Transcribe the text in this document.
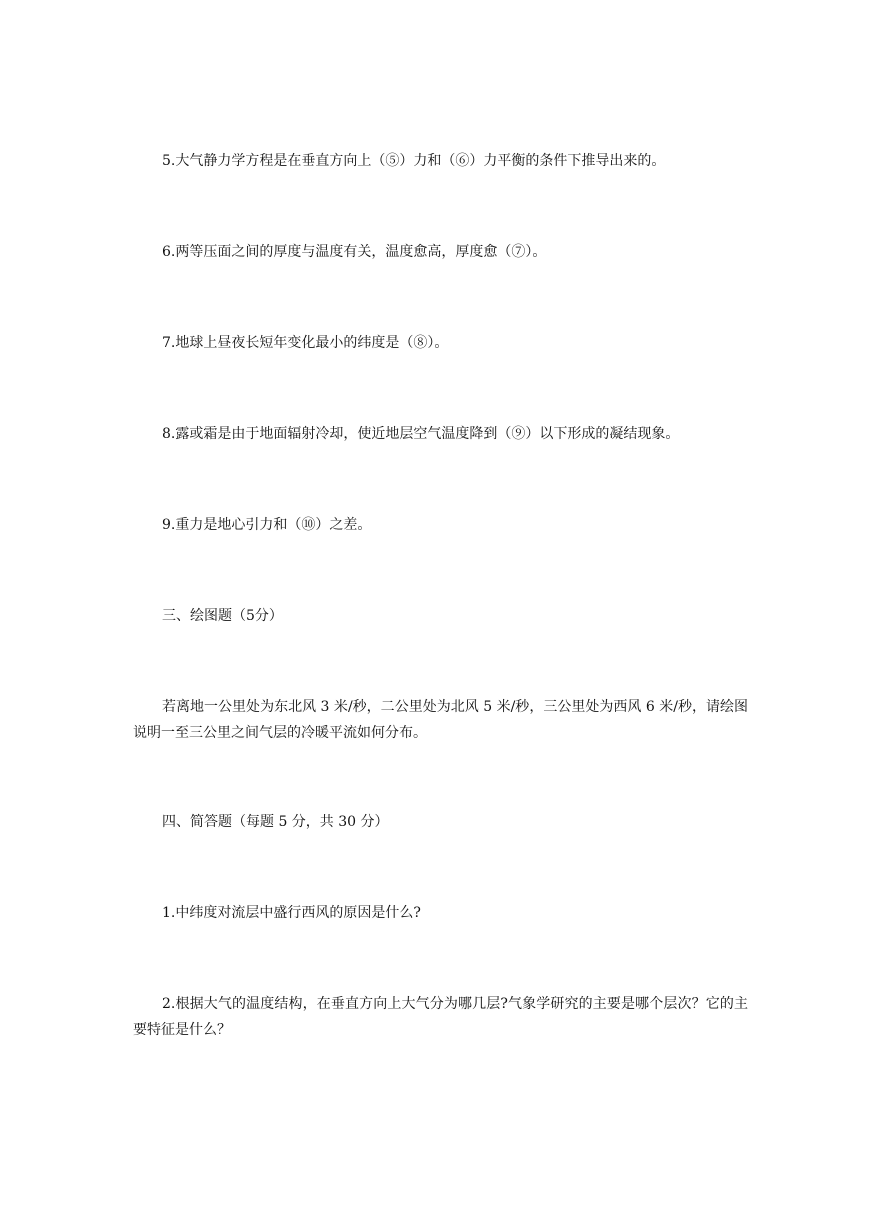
5.大气静力学方程是在垂直方向上（⑤）力和（⑥）力平衡的条件下推导出来的。
6.两等压面之间的厚度与温度有关，温度愈高，厚度愈（⑦）。
7.地球上昼夜长短年变化最小的纬度是（⑧）。
8.露或霜是由于地面辐射冷却，使近地层空气温度降到（⑨）以下形成的凝结现象。
9.重力是地心引力和（⑩）之差。
三、绘图题（5分）
若离地一公里处为东北风 3 米/秒，二公里处为北风 5 米/秒，三公里处为西风 6 米/秒，请绘图说明一至三公里之间气层的冷暖平流如何分布。
四、简答题（每题 5 分，共 30 分）
1.中纬度对流层中盛行西风的原因是什么?
2.根据大气的温度结构，在垂直方向上大气分为哪几层?气象学研究的主要是哪个层次？它的主要特征是什么？
